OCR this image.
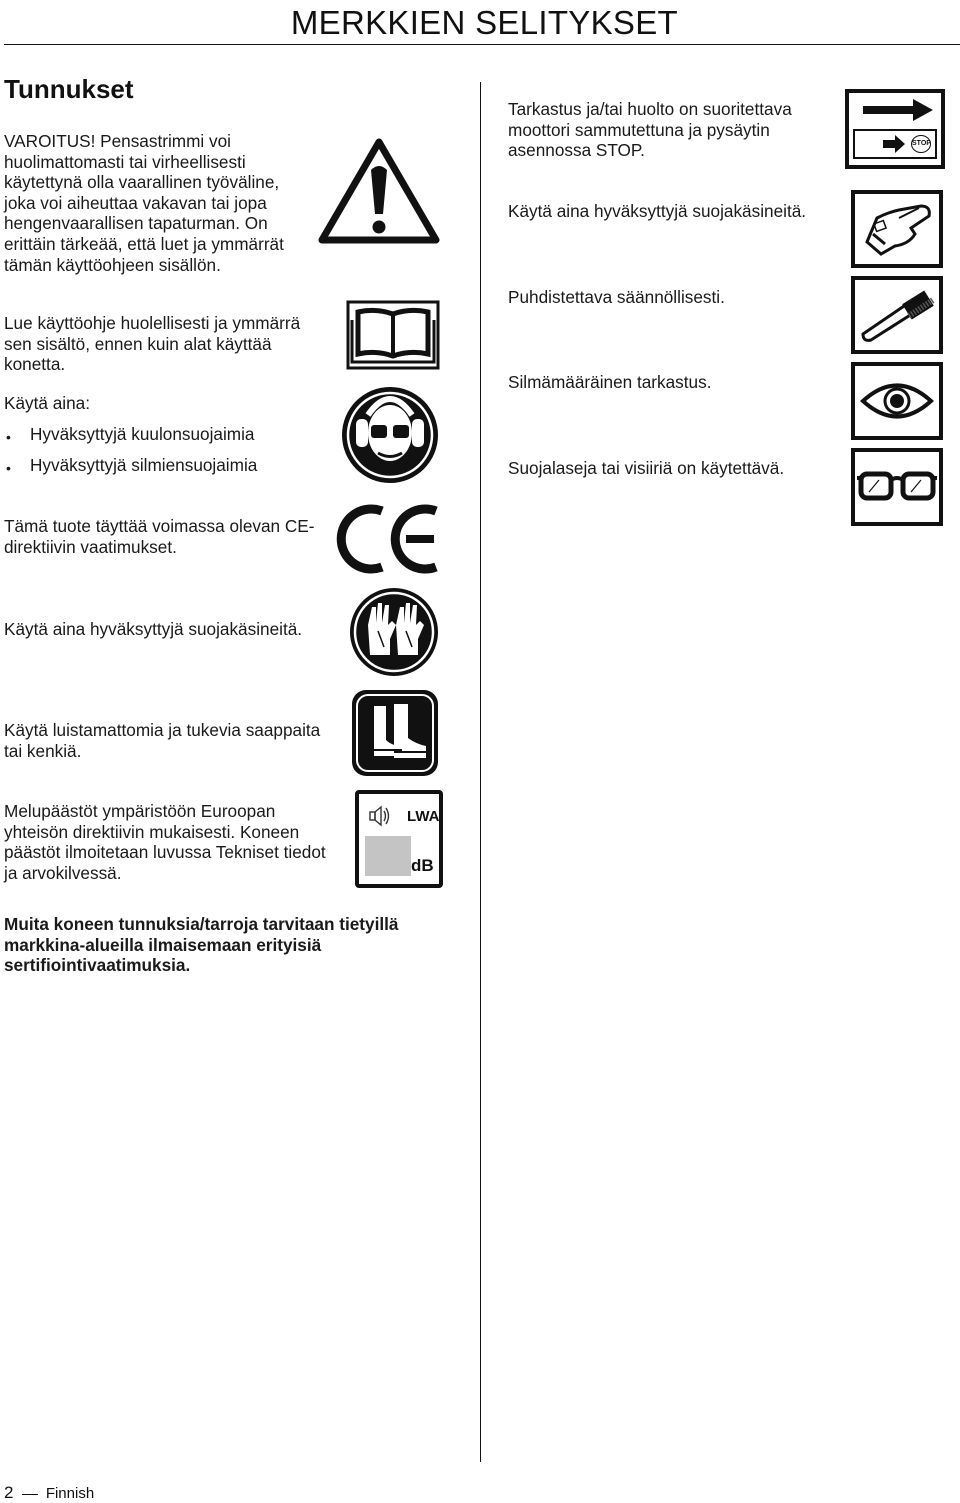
MERKKIEN SELITYKSET
Tunnukset
VAROITUS! Pensastrimmi voi huolimattomasti tai virheellisesti käytettynä olla vaarallinen työväline, joka voi aiheuttaa vakavan tai jopa hengenvaarallisen tapaturman. On erittäin tärkeää, että luet ja ymmärrät tämän käyttöohjeen sisällön.
Lue käyttöohje huolellisesti ja ymmärrä sen sisältö, ennen kuin alat käyttää konetta.
Käytä aina:
• Hyväksyttyjä kuulonsuojaimia
• Hyväksyttyjä silmiensuojaimia
Tämä tuote täyttää voimassa olevan CE-direktiivin vaatimukset.
Käytä aina hyväksyttyjä suojakäsineitä.
Käytä luistamattomia ja tukevia saappaita tai kenkiä.
Melupäästöt ympäristöön Euroopan yhteisön direktiivin mukaisesti. Koneen päästöt ilmoitetaan luvussa Tekniset tiedot ja arvokilvessä.
Muita koneen tunnuksia/tarroja tarvitaan tietyillä markkina-alueilla ilmaisemaan erityisiä sertifiointivaatimuksia.
Tarkastus ja/tai huolto on suoritettava moottori sammutettuna ja pysäytin asennossa STOP.
Käytä aina hyväksyttyjä suojakäsineitä.
Puhdistettava säännöllisesti.
Silmämääräinen tarkastus.
Suojalaseja tai visiiriä on käytettävä.
LWA
dB
STOP
2 Finnish
